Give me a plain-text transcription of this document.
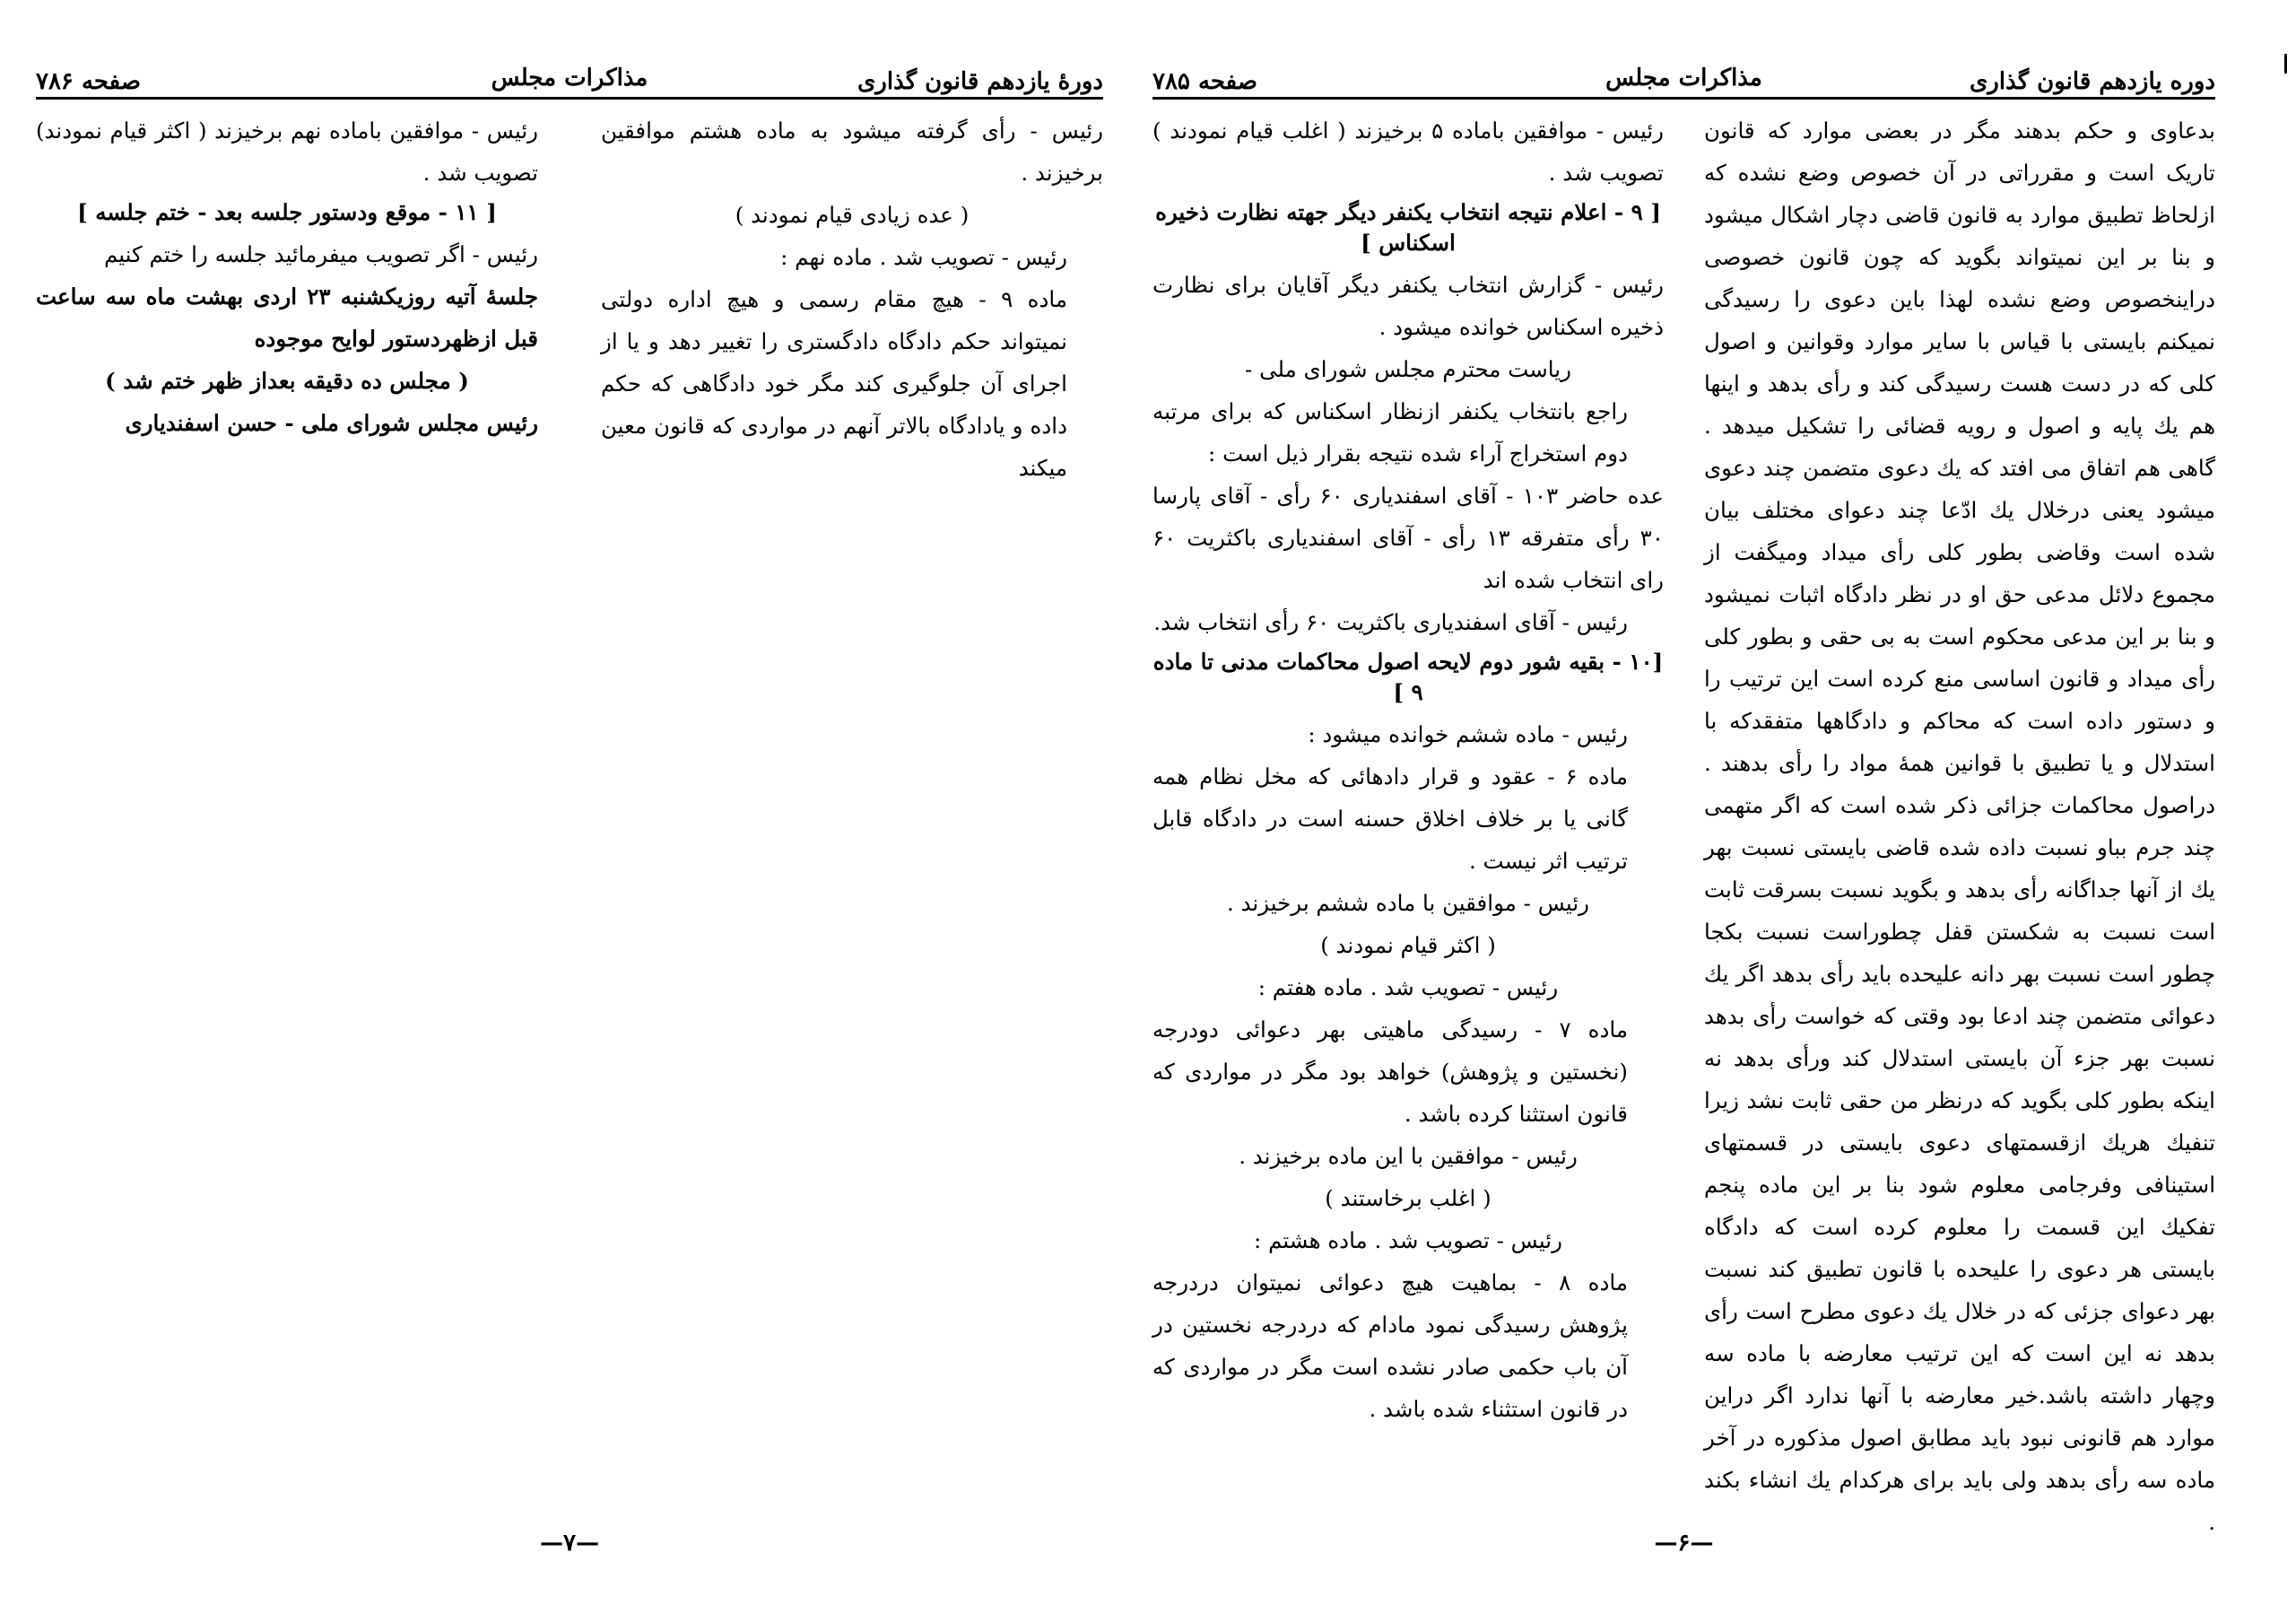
دورهٔ یازدهم قانون گذاری
مذاکرات مجلس
صفحه ۷۸۶

رئیس - رأی گرفته میشود به ماده هشتم موافقین برخیزند .

( عده زیادی قیام نمودند )

رئیس - تصویب شد . ماده نهم :

ماده ۹ - هیچ مقام رسمی و هیچ اداره دولتی نمیتواند حکم دادگاه دادگستری را تغییر دهد و یا از اجرای آن جلوگیری کند مگر خود دادگاهی که حکم داده و یادادگاه بالاتر آنهم در مواردی که قانون معین میکند

رئیس - موافقین باماده نهم برخیزند ( اکثر قیام نمودند) تصویب شد .

[ ۱۱ - موقع ودستور جلسه بعد - ختم جلسه ]

رئیس - اگر تصویب میفرمائید جلسه را ختم کنیم

جلسهٔ آتیه روزیکشنبه ۲۳ اردی بهشت ماه سه ساعت قبل ازظهردستور لوایح موجوده

( مجلس ده دقیقه بعداز ظهر ختم شد )

رئیس مجلس شورای ملی - حسن اسفندیاری

—۷—
دوره یازدهم قانون گذاری
مذاکرات مجلس
صفحه ۷۸۵

بدعاوی و حکم بدهند مگر در بعضی موارد که قانون تاریک است و مقرراتی در آن خصوص وضع نشده که ازلحاظ تطبیق موارد به قانون قاضی دچار اشکال میشود و بنا بر این نمیتواند بگوید که چون قانون خصوصی دراینخصوص وضع نشده لهذا باین دعوی را رسیدگی نمیکنم بایستی با قیاس با سایر موارد وقوانین و اصول کلی که در دست هست رسیدگی کند و رأی بدهد و اینها هم یك پایه و اصول و رویه قضائی را تشکیل میدهد . گاهی هم اتفاق می افتد که یك دعوی متضمن چند دعوی میشود یعنی درخلال یك ادّعا چند دعوای مختلف بیان شده است وقاضی بطور کلی رأی میداد ومیگفت از مجموع دلائل مدعی حق او در نظر دادگاه اثبات نمیشود و بنا بر این مدعی محکوم است به بی حقی و بطور کلی رأی میداد و قانون اساسی منع کرده است این ترتیب را و دستور داده است که محاکم و دادگاهها متفقدکه با استدلال و یا تطبیق با قوانین همهٔ مواد را رأی بدهند . دراصول محاکمات جزائی ذکر شده است که اگر متهمی چند جرم بباو نسبت داده شده قاضی بایستی نسبت بهر یك از آنها جداگانه رأی بدهد و بگوید نسبت بسرقت ثابت است نسبت به شکستن قفل چطوراست نسبت بکجا چطور است نسبت بهر دانه علیحده باید رأی بدهد اگر یك دعوائی متضمن چند ادعا بود وقتی که خواست رأی بدهد نسبت بهر جزء آن بایستی استدلال کند ورأی بدهد نه اینکه بطور کلی بگوید که درنظر من حقی ثابت نشد زیرا تنفیك هریك ازقسمتهای دعوی بایستی در قسمتهای استینافی وفرجامی معلوم شود بنا بر این ماده پنجم تفکیك این قسمت را معلوم کرده است که دادگاه بایستی هر دعوی را علیحده با قانون تطبیق کند نسبت بهر دعوای جزئی که در خلال یك دعوی مطرح است رأی بدهد نه این است که این ترتیب معارضه با ماده سه وچهار داشته باشد.خیر معارضه با آنها ندارد اگر دراین موارد هم قانونی نبود باید مطابق اصول مذکوره در آخر ماده سه رأی بدهد ولی باید برای هرکدام یك انشاء بکند .

رئیس - موافقین باماده ۵ برخیزند ( اغلب قیام نمودند ) تصویب شد .

[ ۹ - اعلام نتیجه انتخاب یکنفر دیگر جهته نظارت ذخیره اسکناس ]

رئیس - گزارش انتخاب یکنفر دیگر آقایان برای نظارت ذخیره اسکناس خوانده میشود .

ریاست محترم مجلس شورای ملی -

راجع بانتخاب یکنفر ازنظار اسکناس که برای مرتبه دوم استخراج آراء شده نتیجه بقرار ذیل است :

عده حاضر ۱۰۳ - آقای اسفندیاری ۶۰ رأی - آقای پارسا ۳۰ رأی متفرقه ۱۳ رأی - آقای اسفندیاری باکثریت ۶۰ رای انتخاب شده اند

رئیس - آقای اسفندیاری باکثریت ۶۰ رأی انتخاب شد.

[۱۰ - بقیه شور دوم لایحه اصول محاکمات مدنی تا ماده ۹ ]

رئیس - ماده ششم خوانده میشود :

ماده ۶ - عقود و قرار دادهائی که مخل نظام همه گانی یا بر خلاف اخلاق حسنه است در دادگاه قابل ترتیب اثر نیست .

رئیس - موافقین با ماده ششم برخیزند .

( اکثر قیام نمودند )

رئیس - تصویب شد . ماده هفتم :

ماده ۷ - رسیدگی ماهیتی بهر دعوائی دودرجه (نخستین و پژوهش) خواهد بود مگر در مواردی که قانون استثنا کرده باشد .

رئیس - موافقین با این ماده برخیزند .

( اغلب برخاستند )

رئیس - تصویب شد . ماده هشتم :

ماده ۸ - بماهیت هیچ دعوائی نمیتوان دردرجه پژوهش رسیدگی نمود مادام که دردرجه نخستین در آن باب حکمی صادر نشده است مگر در مواردی که در قانون استثناء شده باشد .

—۶—
